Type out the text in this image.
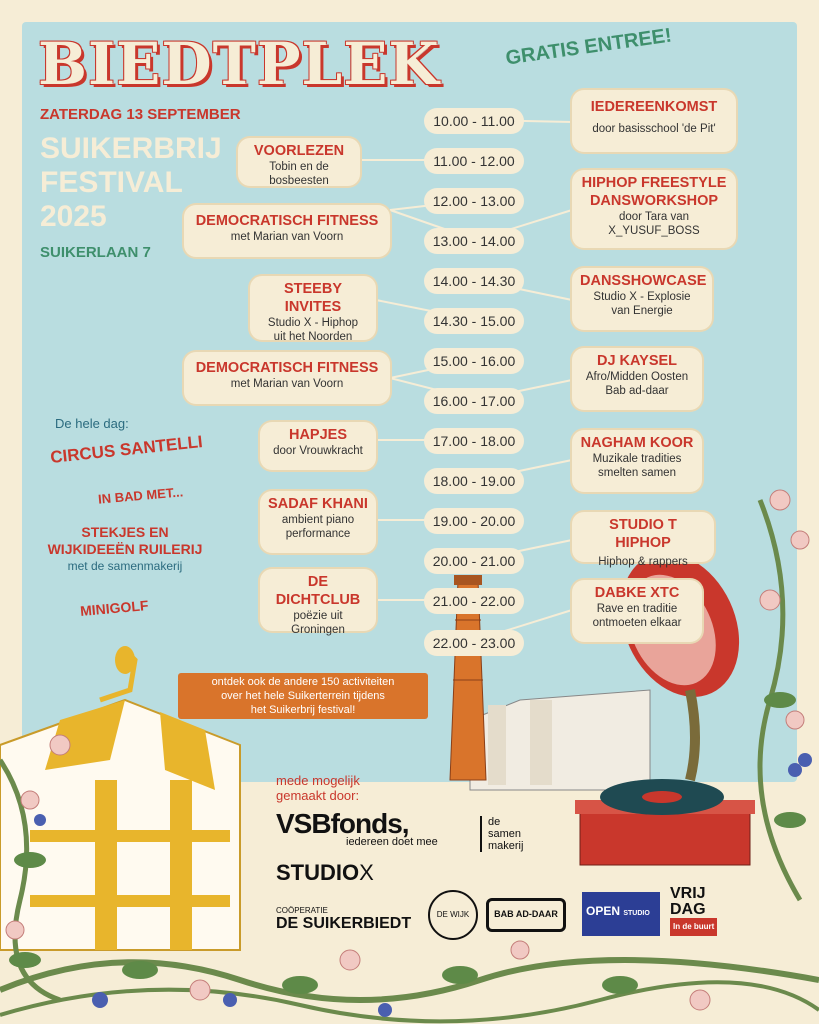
BIEDTPLEK
ZATERDAG 13 SEPTEMBER
SUIKERBRIJ
FESTIVAL
2025
SUIKERLAAN 7
GRATIS ENTREE!
10.00 - 11.00
11.00 - 12.00
12.00 - 13.00
13.00 - 14.00
14.00 - 14.30
14.30 - 15.00
15.00 - 16.00
16.00 - 17.00
17.00 - 18.00
18.00 - 19.00
19.00 - 20.00
20.00 - 21.00
21.00 - 22.00
22.00 - 23.00
VOORLEZEN
Tobin en de bosbeesten
DEMOCRATISCH FITNESS
met Marian van Voorn
STEEBY INVITES
Studio X - Hiphop
uit het Noorden
DEMOCRATISCH FITNESS
met Marian van Voorn
HAPJES
door Vrouwkracht
SADAF KHANI
ambient piano
performance
DE DICHTCLUB
poëzie uit
Groningen
IEDEREENKOMST
door basisschool 'de Pit'
HIPHOP FREESTYLE
DANSWORKSHOP
door Tara van
X_YUSUF_BOSS
DANSSHOWCASE
Studio X - Explosie
van Energie
DJ KAYSEL
Afro/Midden Oosten
Bab ad-daar
NAGHAM KOOR
Muzikale tradities
smelten samen
STUDIO T HIPHOP
Hiphop & rappers
DABKE XTC
Rave en traditie
ontmoeten elkaar
De hele dag:
CIRCUS SANTELLI
IN BAD MET...
STEKJES EN
WIJKIDEEËN RUILERIJ
met de samenmakerij
MINIGOLF
ontdek ook de andere 150 activiteiten
over het hele Suikerterrein tijdens
het Suikerbrij festival!
mede mogelijk
gemaakt door:
VSBfonds,
iedereen doet mee
de
samen
makerij
STUDIOX
COÖPERATIE
DE SUIKERBIEDT
DE WIJK	BAB AD-DAAR	OPEN STUDIO
VRIJ
DAG
In de buurt
